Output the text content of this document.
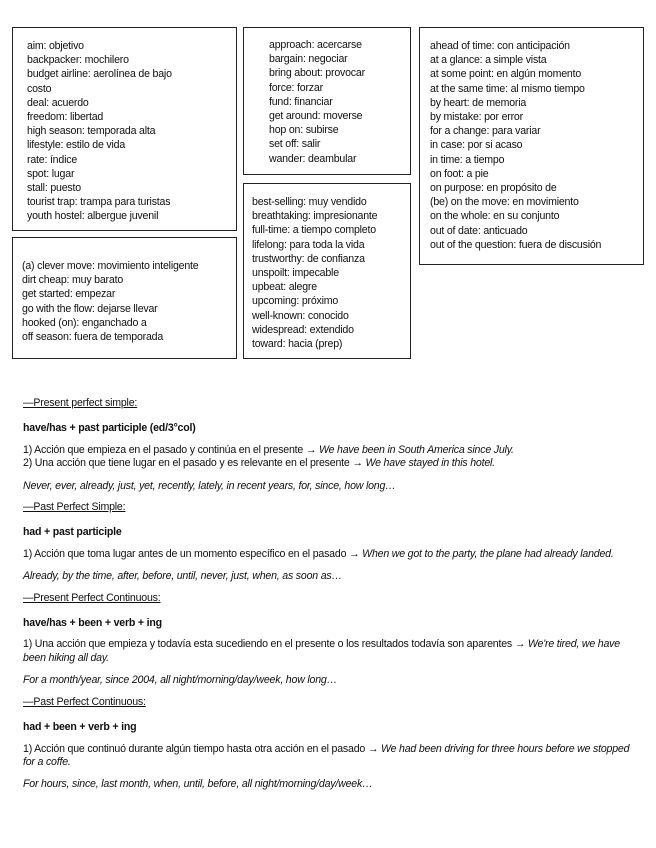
aim: objetivo
backpacker: mochilero
budget airline: aerolínea de bajo
costo
deal: acuerdo
freedom: libertad
high season: temporada alta
lifestyle: estilo de vida
rate: índice
spot: lugar
stall: puesto
tourist trap: trampa para turistas
youth hostel: albergue juvenil
(a) clever move: movimiento inteligente
dirt cheap: muy barato
get started: empezar
go with the flow: dejarse llevar
hooked (on): enganchado a
off season: fuera de temporada
approach: acercarse
bargain: negociar
bring about: provocar
force: forzar
fund: financiar
get around: moverse
hop on: subirse
set off: salir
wander: deambular
best-selling: muy vendido
breathtaking: impresionante
full-time: a tiempo completo
lifelong: para toda la vida
trustworthy: de confianza
unspoilt: impecable
upbeat: alegre
upcoming: próximo
well-known: conocido
widespread: extendido
toward: hacia (prep)
ahead of time: con anticipación
at a glance: a simple vista
at some point: en algún momento
at the same time: al mismo tiempo
by heart: de memoria
by mistake: por error
for a change: para variar
in case: por si acaso
in time: a tiempo
on foot: a pie
on purpose: en propósito de
(be) on the move: en movimiento
on the whole: en su conjunto
out of date: anticuado
out of the question: fuera de discusión
—Present perfect simple:
have/has + past participle (ed/3°col)
1) Acción que empieza en el pasado y continúa en el presente → We have been in South America since July.
2) Una acción que tiene lugar en el pasado y es relevante en el presente → We have stayed in this hotel.
Never, ever, already, just, yet, recently, lately, in recent years, for, since, how long…
—Past Perfect Simple:
had + past participle
1) Acción que toma lugar antes de un momento específico en el pasado → When we got to the party, the plane had already landed.
Already, by the time, after, before, until, never, just, when, as soon as…
—Present Perfect Continuous:
have/has + been + verb + ing
1) Una acción que empieza y todavía esta sucediendo en el presente o los resultados todavía son aparentes → We're tired, we have been hiking all day.
For a month/year, since 2004, all night/morning/day/week, how long…
—Past Perfect Continuous:
had + been + verb + ing
1) Acción que continuó durante algún tiempo hasta otra acción en el pasado → We had been driving for three hours before we stopped for a coffe.
For hours, since, last month, when, until, before, all night/morning/day/week…
